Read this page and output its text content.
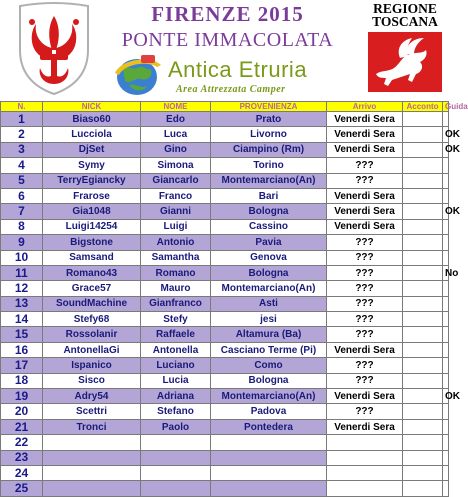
FIRENZE 2015
PONTE IMMACOLATA
Antica Etruria
Area Attrezzata Camper
REGIONE
TOSCANA
N.	NICK	NOME	PROVENIENZA	Arrivo	Acconto	Guida
1	Biaso60	Edo	Prato	Venerdi Sera		
2	Lucciola	Luca	Livorno	Venerdi Sera		OK
3	DjSet	Gino	Ciampino (Rm)	Venerdi Sera		OK
4	Symy	Simona	Torino	???		
5	TerryEgiancky	Giancarlo	Montemarciano(An)	???		
6	Frarose	Franco	Bari	Venerdi Sera		
7	Gia1048	Gianni	Bologna	Venerdi Sera		OK
8	Luigi14254	Luigi	Cassino	Venerdi Sera		
9	Bigstone	Antonio	Pavia	???		
10	Samsand	Samantha	Genova	???		
11	Romano43	Romano	Bologna	???		No
12	Grace57	Mauro	Montemarciano(An)	???		
13	SoundMachine	Gianfranco	Asti	???		
14	Stefy68	Stefy	jesi	???		
15	Rossolanir	Raffaele	Altamura (Ba)	???		
16	AntonellaGi	Antonella	Casciano Terme (Pi)	Venerdi Sera		
17	Ispanico	Luciano	Como	???		
18	Sisco	Lucia	Bologna	???		
19	Adry54	Adriana	Montemarciano(An)	Venerdi Sera		OK
20	Scettri	Stefano	Padova	???		
21	Tronci	Paolo	Pontedera	Venerdi Sera		
22						
23						
24						
25						
